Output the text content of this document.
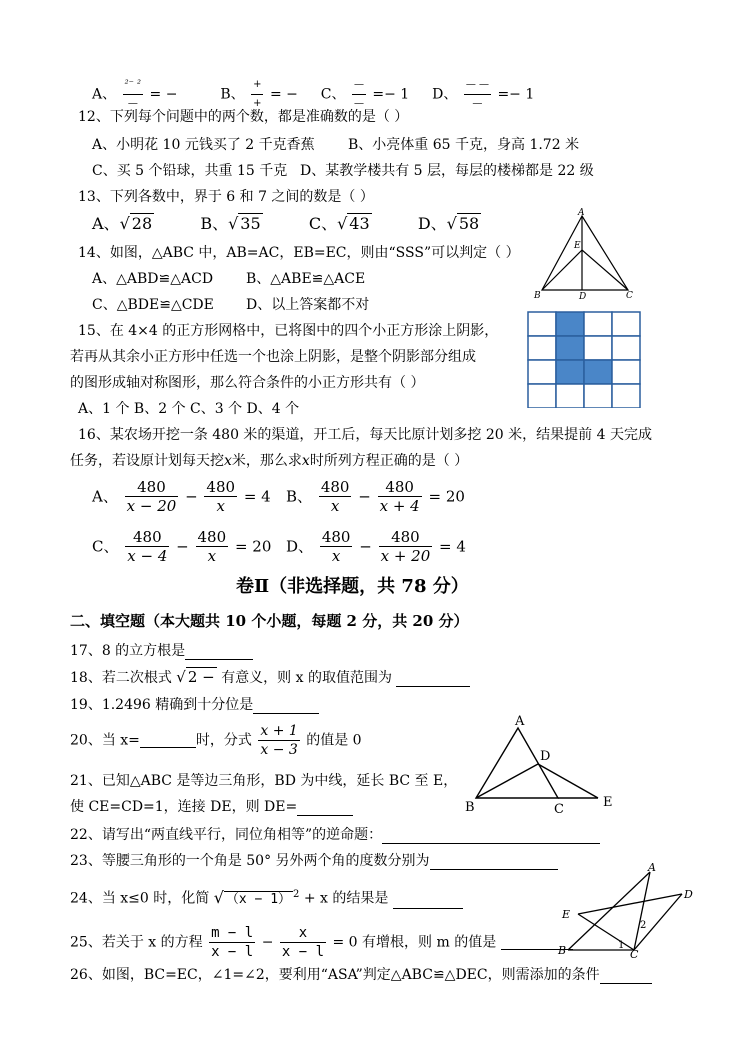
A、 $\frac{\text{²⁻ ²}}{—}$ = −	B、 $\frac{+}{+}$ = − C、 $\frac{—}{—} =- 1$ D、 $\frac{— —}{—} =- 1$
12、下列每个问题中的两个数，都是准确数的是（ ）
A、小明花 10 元钱买了 2 千克香蕉 B、小亮体重 65 千克，身高 1.72 米
C、买 5 个铅球，共重 15 千克 D、某教学楼共有 5 层，每层的楼梯都是 22 级
13、下列各数中，界于 6 和 7 之间的数是（ ）
A、√ 28	B、√ 35	C、√ 43	D、√ 58
14、如图，△ABC 中，AB=AC，EB=EC，则由“SSS”可以判定（ ）
A、△ABD≌△ACD B、△ABE≌△ACE
C、△BDE≌△CDE D、以上答案都不对
A
E
B	D	C
15、在 4×4 的正方形网格中，已将图中的四个小正方形涂上阴影，
若再从其余小正方形中任选一个也涂上阴影，是整个阴影部分组成
的图形成轴对称图形，那么符合条件的小正方形共有（ ）
A、1 个 B、2 个 C、3 个 D、4 个
16、某农场开挖一条 480 米的渠道，开工后，每天比原计划多挖 20 米，结果提前 4 天完成
任务，若设原计划每天挖x米，那么求x时所列方程正确的是（ ）
A、 $\frac{480}{x - 20} - \frac{480}{x} = 4$ B、 $\frac{480}{x} - \frac{480}{x + 4} = 20$
C、 $\frac{480}{x - 4} - \frac{480}{x} = 20$ D、 $\frac{480}{x} - \frac{480}{x + 20} = 4$
卷Ⅱ（非选择题，共 78 分）
二、填空题（本大题共 10 个小题，每题 2 分，共 20 分）
17、8 的立方根是
18、若二次根式 √ 2 − 有意义，则 x 的取值范围为
19、1.2496 精确到十分位是
20、当 x=	时，分式 $\frac{x + 1}{x - 3}$ 的值是 0
21、已知△ABC 是等边三角形，BD 为中线，延长 BC 至 E，
使 CE=CD=1，连接 DE，则 DE=
A
D
B	C	E
22、请写出“两直线平行，同位角相等”的逆命题：
23、等腰三角形的一个角是 50° 另外两个角的度数分别为
24、当 x≤0 时，化简 √ （x − 1） $^2$ + x 的结果是
25、若关于 x 的方程 $\frac{m - l}{x - l} - \frac{x}{x - l} = 0$ 有增根，则 m 的值是
A
D
E
B	C
1
2
26、如图，BC=EC，∠1=∠2，要利用“ASA”判定△ABC≌△DEC，则需添加的条件
